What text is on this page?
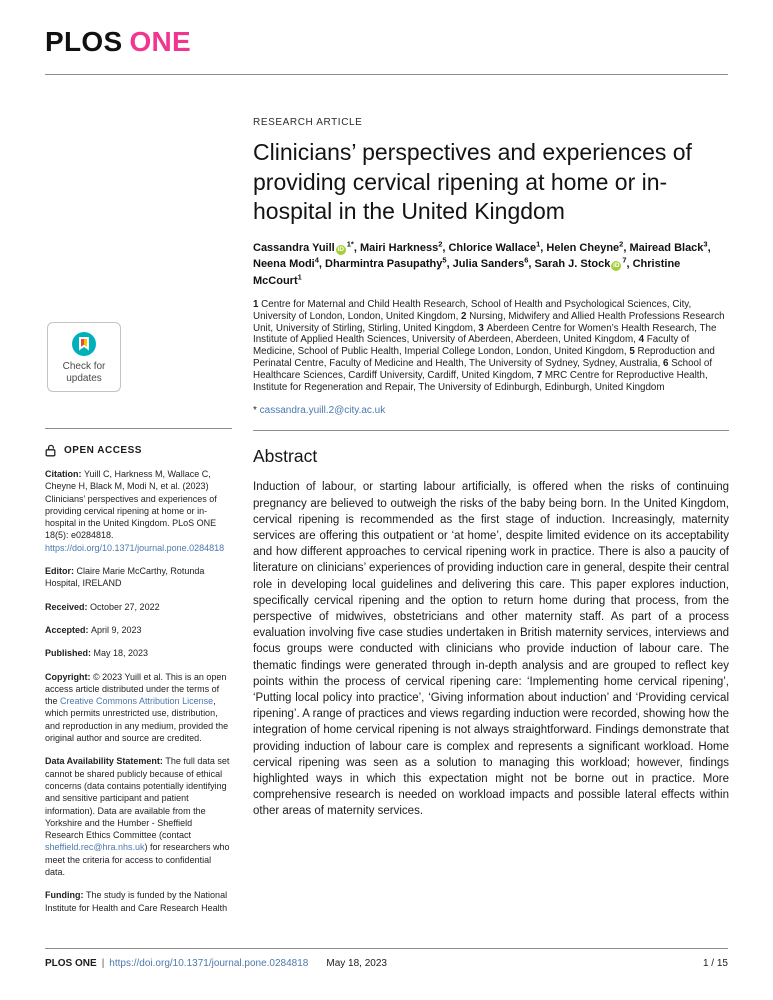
PLOS ONE
Check for
updates
OPEN ACCESS

Citation: Yuill C, Harkness M, Wallace C, Cheyne H, Black M, Modi N, et al. (2023) Clinicians’ perspectives and experiences of providing cervical ripening at home or in-hospital in the United Kingdom. PLoS ONE 18(5): e0284818. https://doi.org/10.1371/journal.pone.0284818

Editor: Claire Marie McCarthy, Rotunda Hospital, IRELAND

Received: October 27, 2022

Accepted: April 9, 2023

Published: May 18, 2023

Copyright: © 2023 Yuill et al. This is an open access article distributed under the terms of the Creative Commons Attribution License, which permits unrestricted use, distribution, and reproduction in any medium, provided the original author and source are credited.

Data Availability Statement: The full data set cannot be shared publicly because of ethical concerns (data contains potentially identifying and sensitive participant and patient information). Data are available from the Yorkshire and the Humber - Sheffield Research Ethics Committee (contact sheffield.rec@hra.nhs.uk) for researchers who meet the criteria for access to confidential data.

Funding: The study is funded by the National Institute for Health and Care Research Health

RESEARCH ARTICLE
Clinicians’ perspectives and experiences of providing cervical ripening at home or in-hospital in the United Kingdom

Cassandra Yuill $iD^{1*}$, Mairi Harkness$^2$, Chlorice Wallace$^1$, Helen Cheyne$^2$, Mairead Black$^3$, Neena Modi$^4$, Dharmintra Pasupathy$^5$, Julia Sanders$^6$, Sarah J. Stock $iD^7$, Christine McCourt$^1$

1 Centre for Maternal and Child Health Research, School of Health and Psychological Sciences, City, University of London, London, United Kingdom, 2 Nursing, Midwifery and Allied Health Professions Research Unit, University of Stirling, Stirling, United Kingdom, 3 Aberdeen Centre for Women’s Health Research, The Institute of Applied Health Sciences, University of Aberdeen, Aberdeen, United Kingdom, 4 Faculty of Medicine, School of Public Health, Imperial College London, London, United Kingdom, 5 Reproduction and Perinatal Centre, Faculty of Medicine and Health, The University of Sydney, Sydney, Australia, 6 School of Healthcare Sciences, Cardiff University, Cardiff, United Kingdom, 7 MRC Centre for Reproductive Health, Institute for Regeneration and Repair, The University of Edinburgh, Edinburgh, United Kingdom

* cassandra.yuill.2@city.ac.uk

Abstract

Induction of labour, or starting labour artificially, is offered when the risks of continuing pregnancy are believed to outweigh the risks of the baby being born. In the United Kingdom, cervical ripening is recommended as the first stage of induction. Increasingly, maternity services are offering this outpatient or ‘at home’, despite limited evidence on its acceptability and how different approaches to cervical ripening work in practice. There is also a paucity of literature on clinicians’ experiences of providing induction care in general, despite their central role in developing local guidelines and delivering this care. This paper explores induction, specifically cervical ripening and the option to return home during that process, from the perspective of midwives, obstetricians and other maternity staff. As part of a process evaluation involving five case studies undertaken in British maternity services, interviews and focus groups were conducted with clinicians who provide induction of labour care. The thematic findings were generated through in-depth analysis and are grouped to reflect key points within the process of cervical ripening care: ‘Implementing home cervical ripening’, ‘Putting local policy into practice’, ‘Giving information about induction’ and ‘Providing cervical ripening’. A range of practices and views regarding induction were recorded, showing how the integration of home cervical ripening is not always straightforward. Findings demonstrate that providing induction of labour care is complex and represents a significant workload. Home cervical ripening was seen as a solution to managing this workload; however, findings highlighted ways in which this expectation might not be borne out in practice. More comprehensive research is needed on workload impacts and possible lateral effects within other areas of maternity services.

PLOS ONE | https://doi.org/10.1371/journal.pone.0284818 May 18, 2023	1 / 15
